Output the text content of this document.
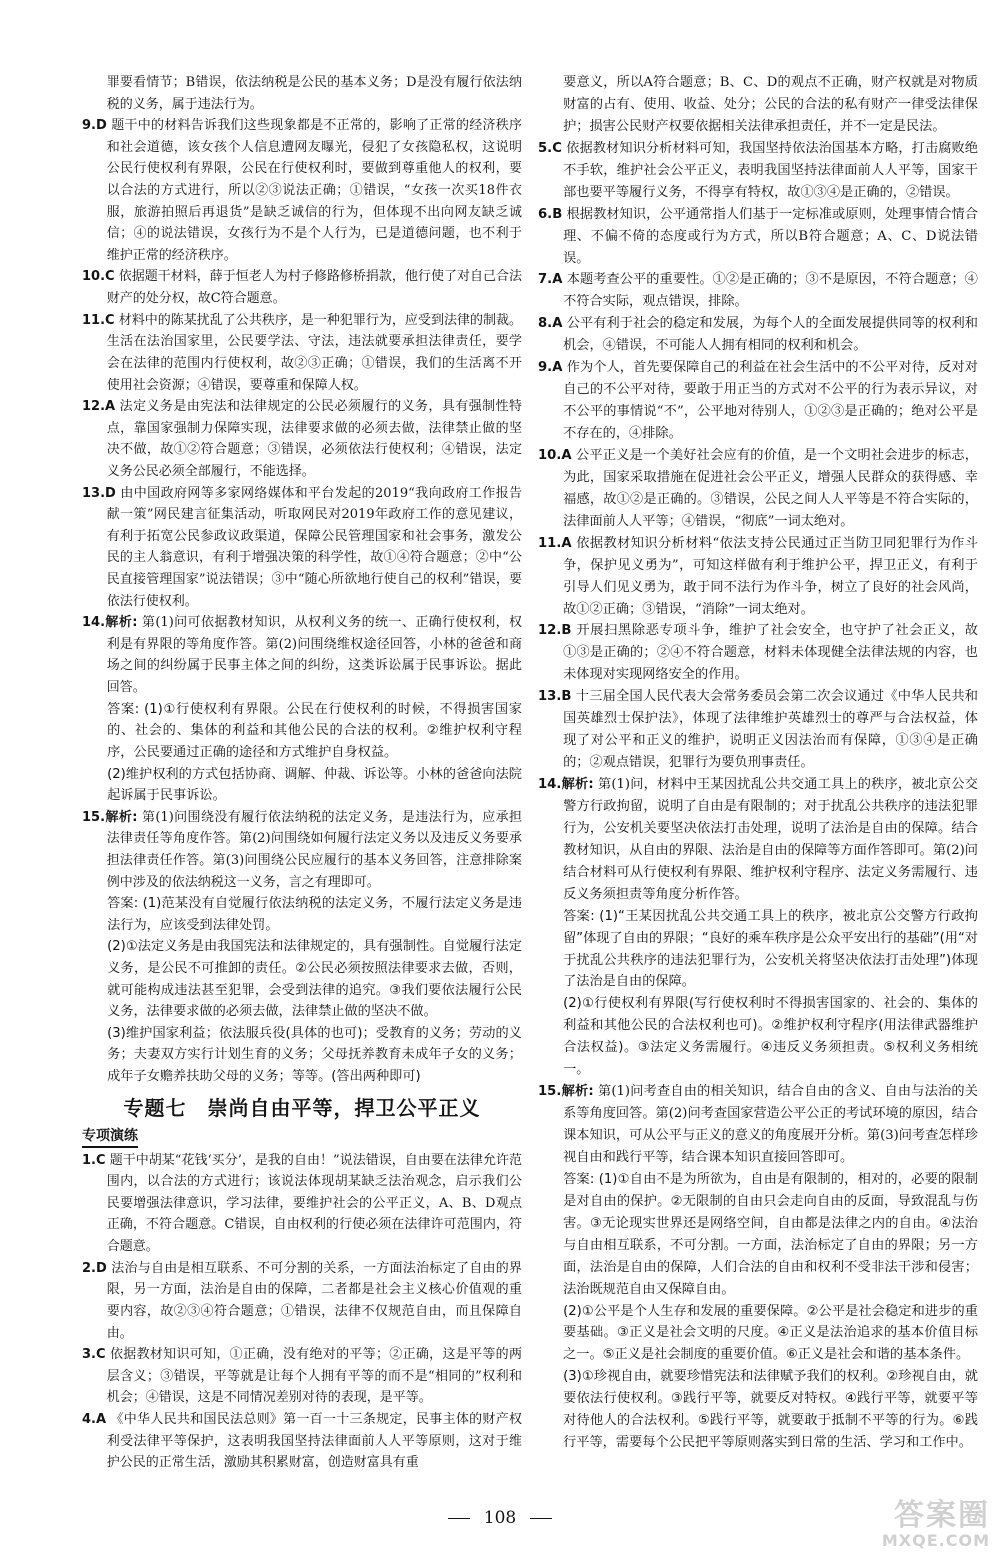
罪要看情节；B错误，依法纳税是公民的基本义务；D是没有履行依法纳税的义务，属于违法行为。

9.D 题干中的材料告诉我们这些现象都是不正常的，影响了正常的经济秩序和社会道德，该女孩个人信息遭网友曝光，侵犯了女孩隐私权，这说明公民行使权利有界限，公民在行使权利时，要做到尊重他人的权利，要以合法的方式进行，所以②③说法正确；①错误，“女孩一次买18件衣服，旅游拍照后再退货”是缺乏诚信的行为，但体现不出向网友缺乏诚信；④的说法错误，女孩行为不是个人行为，已是道德问题，也不利于维护正常的经济秩序。

10.C 依据题干材料，薛于恒老人为村子修路修桥捐款，他行使了对自己合法财产的处分权，故C符合题意。

11.C 材料中的陈某扰乱了公共秩序，是一种犯罪行为，应受到法律的制裁。生活在法治国家里，公民要学法、守法，违法就要承担法律责任，要学会在法律的范围内行使权利，故②③正确；①错误，我们的生活离不开使用社会资源；④错误，要尊重和保障人权。

12.A 法定义务是由宪法和法律规定的公民必须履行的义务，具有强制性特点，靠国家强制力保障实现，法律要求做的必须去做，法律禁止做的坚决不做，故①②符合题意；③错误，必须依法行使权利；④错误，法定义务公民必须全部履行，不能选择。

13.D 由中国政府网等多家网络媒体和平台发起的2019“我向政府工作报告献一策”网民建言征集活动，听取网民对2019年政府工作的意见建议，有利于拓宽公民参政议政渠道，保障公民管理国家和社会事务，激发公民的主人翁意识，有利于增强决策的科学性，故①④符合题意；②中“公民直接管理国家”说法错误；③中“随心所欲地行使自己的权利”错误，要依法行使权利。

14.解析: 第(1)问可依据教材知识，从权利义务的统一、正确行使权利，权利是有界限的等角度作答。第(2)问围绕维权途径回答，小林的爸爸和商场之间的纠纷属于民事主体之间的纠纷，这类诉讼属于民事诉讼。据此回答。

答案: (1)①行使权利有界限。公民在行使权利的时候，不得损害国家的、社会的、集体的利益和其他公民的合法的权利。②维护权利守程序，公民要通过正确的途径和方式维护自身权益。

(2)维护权利的方式包括协商、调解、仲裁、诉讼等。小林的爸爸向法院起诉属于民事诉讼。

15.解析: 第(1)问围绕没有履行依法纳税的法定义务，是违法行为，应承担法律责任等角度作答。第(2)问围绕如何履行法定义务以及违反义务要承担法律责任作答。第(3)问围绕公民应履行的基本义务回答，注意排除案例中涉及的依法纳税这一义务，言之有理即可。

答案: (1)范某没有自觉履行依法纳税的法定义务，不履行法定义务是违法行为，应该受到法律处罚。

(2)①法定义务是由我国宪法和法律规定的，具有强制性。自觉履行法定义务，是公民不可推卸的责任。②公民必须按照法律要求去做，否则，就可能构成违法甚至犯罪，会受到法律的追究。③我们要依法履行公民义务，法律要求做的必须去做，法律禁止做的坚决不做。

(3)维护国家利益；依法服兵役(具体的也可)；受教育的义务；劳动的义务；夫妻双方实行计划生育的义务；父母抚养教育未成年子女的义务；成年子女赡养扶助父母的义务；等等。(答出两种即可)

专题七　崇尚自由平等，捍卫公平正义
专项演练

1.C 题干中胡某“花钱‘买分’，是我的自由！”说法错误，自由要在法律允许范围内，以合法的方式进行；该说法体现胡某缺乏法治观念，启示我们公民要增强法律意识，学习法律，要维护社会的公平正义，A、B、D观点正确，不符合题意。C错误，自由权利的行使必须在法律许可范围内，符合题意。

2.D 法治与自由是相互联系、不可分割的关系，一方面法治标定了自由的界限，另一方面，法治是自由的保障，二者都是社会主义核心价值观的重要内容，故②③④符合题意；①错误，法律不仅规范自由，而且保障自由。

3.C 依据教材知识可知，①正确，没有绝对的平等；②正确，这是平等的两层含义；③错误，平等就是让每个人拥有平等的而不是“相同的”权利和机会；④错误，这是不同情况差别对待的表现，是平等。

4.A 《中华人民共和国民法总则》第一百一十三条规定，民事主体的财产权利受法律平等保护，这表明我国坚持法律面前人人平等原则，这对于维护公民的正常生活，激励其积累财富，创造财富具有重

要意义，所以A符合题意；B、C、D的观点不正确，财产权就是对物质财富的占有、使用、收益、处分；公民的合法的私有财产一律受法律保护；损害公民财产权要依据相关法律承担责任，并不一定是民法。

5.C 依据教材知识分析材料可知，我国坚持依法治国基本方略，打击腐败绝不手软，维护社会公平正义，表明我国坚持法律面前人人平等，国家干部也要平等履行义务，不得享有特权，故①③④是正确的，②错误。

6.B 根据教材知识，公平通常指人们基于一定标准或原则，处理事情合情合理、不偏不倚的态度或行为方式，所以B符合题意；A、C、D说法错误。

7.A 本题考查公平的重要性。①②是正确的；③不是原因，不符合题意；④不符合实际，观点错误，排除。

8.A 公平有利于社会的稳定和发展，为每个人的全面发展提供同等的权利和机会，④错误，不可能人人拥有相同的权利和机会。

9.A 作为个人，首先要保障自己的利益在社会生活中的不公平对待，反对对自己的不公平对待，要敢于用正当的方式对不公平的行为表示异议，对不公平的事情说“不”，公平地对待别人，①②③是正确的；绝对公平是不存在的，④排除。

10.A 公平正义是一个美好社会应有的价值，是一个文明社会进步的标志，为此，国家采取措施在促进社会公平正义，增强人民群众的获得感、幸福感，故①②是正确的。③错误，公民之间人人平等是不符合实际的，法律面前人人平等；④错误，“彻底”一词太绝对。

11.A 依据教材知识分析材料“依法支持公民通过正当防卫同犯罪行为作斗争，保护见义勇为”，可知这样做有利于维护公平，捍卫正义，有利于引导人们见义勇为，敢于同不法行为作斗争，树立了良好的社会风尚，故①②正确；③错误，“消除”一词太绝对。

12.B 开展扫黑除恶专项斗争，维护了社会安全，也守护了社会正义，故①③是正确的；②④不符合题意，材料未体现健全法律法规的内容，也未体现对实现网络安全的作用。

13.B 十三届全国人民代表大会常务委员会第二次会议通过《中华人民共和国英雄烈士保护法》，体现了法律维护英雄烈士的尊严与合法权益，体现了对公平和正义的维护，说明正义因法治而有保障，①③④是正确的；②观点错误，犯罪行为要负刑事责任。

14.解析: 第(1)问，材料中王某因扰乱公共交通工具上的秩序，被北京公交警方行政拘留，说明了自由是有限制的；对于扰乱公共秩序的违法犯罪行为，公安机关要坚决依法打击处理，说明了法治是自由的保障。结合教材知识，从自由的界限、法治是自由的保障等方面作答即可。第(2)问结合材料可从行使权利有界限、维护权利守程序、法定义务需履行、违反义务须担责等角度分析作答。

答案: (1)“王某因扰乱公共交通工具上的秩序，被北京公交警方行政拘留”体现了自由的界限；“良好的乘车秩序是公众平安出行的基础”(用“对于扰乱公共秩序的违法犯罪行为，公安机关将坚决依法打击处理”)体现了法治是自由的保障。

(2)①行使权利有界限(写行使权利时不得损害国家的、社会的、集体的利益和其他公民的合法权利也可)。②维护权利守程序(用法律武器维护合法权益)。③法定义务需履行。④违反义务须担责。⑤权利义务相统一。

15.解析: 第(1)问考查自由的相关知识，结合自由的含义、自由与法治的关系等角度回答。第(2)问考查国家营造公平公正的考试环境的原因，结合课本知识，可从公平与正义的意义的角度展开分析。第(3)问考查怎样珍视自由和践行平等，结合课本知识直接回答即可。

答案: (1)①自由不是为所欲为，自由是有限制的，相对的，必要的限制是对自由的保护。②无限制的自由只会走向自由的反面，导致混乱与伤害。③无论现实世界还是网络空间，自由都是法律之内的自由。④法治与自由相互联系，不可分割。一方面，法治标定了自由的界限；另一方面，法治是自由的保障，人们合法的自由和权利不受非法干涉和侵害；法治既规范自由又保障自由。

(2)①公平是个人生存和发展的重要保障。②公平是社会稳定和进步的重要基础。③正义是社会文明的尺度。④正义是法治追求的基本价值目标之一。⑤正义是社会制度的重要价值。⑥正义是社会和谐的基本条件。

(3)①珍视自由，就要珍惜宪法和法律赋予我们的权利。②珍视自由，就要依法行使权利。③践行平等，就要反对特权。④践行平等，就要平等对待他人的合法权利。⑤践行平等，就要敢于抵制不平等的行为。⑥践行平等，需要每个公民把平等原则落实到日常的生活、学习和工作中。

108	答案圈
MXQE.COM
